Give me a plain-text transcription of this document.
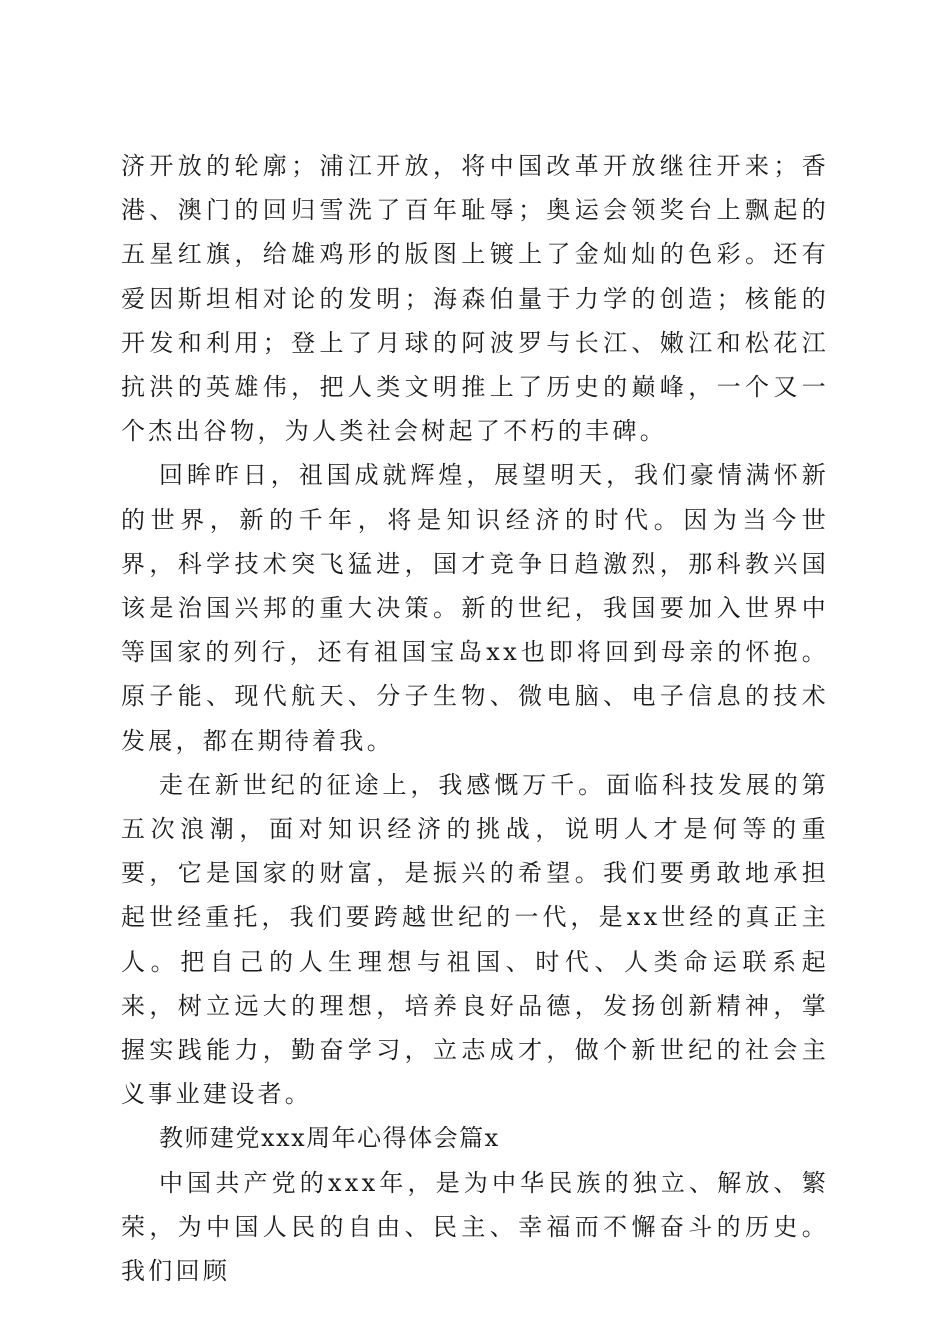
济开放的轮廓；浦江开放，将中国改革开放继往开来；香港、澳门的回归雪洗了百年耻辱；奥运会领奖台上飘起的五星红旗，给雄鸡形的版图上镀上了金灿灿的色彩。还有爱因斯坦相对论的发明；海森伯量于力学的创造；核能的开发和利用；登上了月球的阿波罗与长江、嫩江和松花江抗洪的英雄伟，把人类文明推上了历史的巅峰，一个又一个杰出谷物，为人类社会树起了不朽的丰碑。

回眸昨日，祖国成就辉煌，展望明天，我们豪情满怀新的世界，新的千年，将是知识经济的时代。因为当今世界，科学技术突飞猛进，国才竞争日趋激烈，那科教兴国该是治国兴邦的重大决策。新的世纪，我国要加入世界中等国家的列行，还有祖国宝岛xx也即将回到母亲的怀抱。原子能、现代航天、分子生物、微电脑、电子信息的技术发展，都在期待着我。

走在新世纪的征途上，我感慨万千。面临科技发展的第五次浪潮，面对知识经济的挑战，说明人才是何等的重要，它是国家的财富，是振兴的希望。我们要勇敢地承担起世经重托，我们要跨越世纪的一代，是xx世经的真正主人。把自己的人生理想与祖国、时代、人类命运联系起来，树立远大的理想，培养良好品德，发扬创新精神，掌握实践能力，勤奋学习，立志成才，做个新世纪的社会主义事业建设者。

教师建党xxx周年心得体会篇x

中国共产党的xxx年，是为中华民族的独立、解放、繁荣，为中国人民的自由、民主、幸福而不懈奋斗的历史。我们回顾
